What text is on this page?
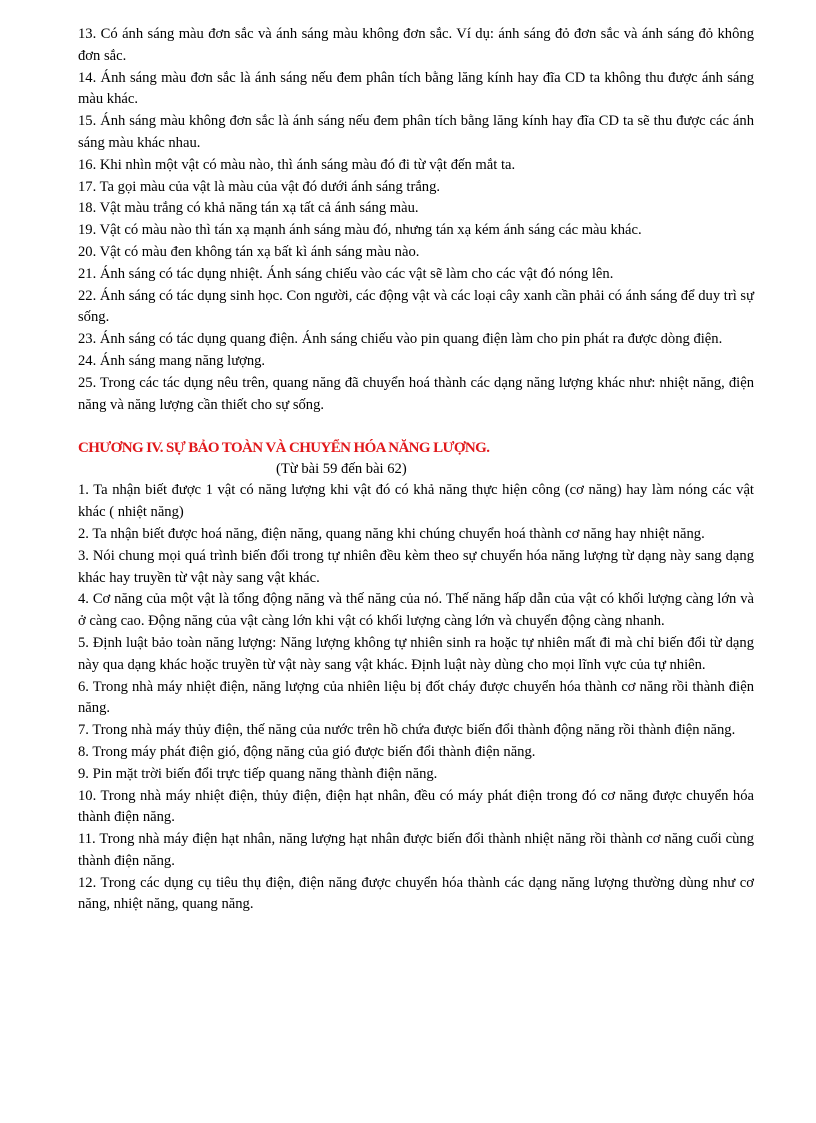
13. Có ánh sáng màu đơn sắc và ánh sáng màu không đơn sắc. Ví dụ: ánh sáng đỏ đơn sắc và ánh sáng đỏ không đơn sắc.
14. Ánh sáng màu đơn sắc là ánh sáng nếu đem phân tích bằng lăng kính hay đĩa CD ta không thu được ánh sáng màu khác.
15. Ánh sáng màu không đơn sắc là ánh sáng nếu đem phân tích bằng lăng kính hay đĩa CD ta sẽ thu được các ánh sáng màu khác nhau.
16. Khi nhìn một vật có màu nào, thì ánh sáng màu đó đi từ vật đến mắt ta.
17. Ta gọi màu của vật là màu của vật đó dưới ánh sáng trắng.
18. Vật màu trắng có khả năng tán xạ tất cả ánh sáng màu.
19. Vật có màu nào thì tán xạ mạnh ánh sáng màu đó, nhưng tán xạ kém ánh sáng các màu khác.
20. Vật có màu đen không tán xạ bất kì ánh sáng màu nào.
21. Ánh sáng có tác dụng nhiệt. Ánh sáng chiếu vào các vật sẽ làm cho các vật đó nóng lên.
22. Ánh sáng có tác dụng sinh học. Con người, các động vật và các loại cây xanh cần phải có ánh sáng để duy trì sự sống.
23. Ánh sáng có tác dụng quang điện. Ánh sáng chiếu vào pin quang điện làm cho pin phát ra được dòng điện.
24. Ánh sáng mang năng lượng.
25. Trong các tác dụng nêu trên, quang năng đã chuyển hoá thành các dạng năng lượng khác như: nhiệt năng, điện năng và năng lượng cần thiết cho sự sống.
CHƯƠNG IV. SỰ BẢO TOÀN VÀ CHUYỂN HÓA NĂNG LƯỢNG.
(Từ bài 59 đến bài 62)
1. Ta nhận biết được 1 vật có năng lượng khi vật đó có khả năng thực hiện công (cơ năng) hay làm nóng các vật khác ( nhiệt năng)
2. Ta nhận biết được hoá năng, điện năng, quang năng khi chúng chuyển hoá thành cơ năng hay nhiệt năng.
3. Nói chung mọi quá trình biến đổi trong tự nhiên đều kèm theo sự chuyển hóa năng lượng từ dạng này sang dạng khác hay truyền từ vật này sang vật khác.
4. Cơ năng của một vật là tổng động năng và thế năng của nó. Thế năng hấp dẫn của vật có khối lượng càng lớn và ở càng cao. Động năng của vật càng lớn khi vật có khối lượng càng lớn và chuyển động càng nhanh.
5. Định luật bảo toàn năng lượng: Năng lượng không tự nhiên sinh ra hoặc tự nhiên mất đi mà chỉ biến đổi từ dạng này qua dạng khác hoặc truyền từ vật này sang vật khác. Định luật này dùng cho mọi lĩnh vực của tự nhiên.
6. Trong nhà máy nhiệt điện, năng lượng của nhiên liệu bị đốt cháy được chuyển hóa thành cơ năng rồi thành điện năng.
7. Trong nhà máy thủy điện, thế năng của nước trên hồ chứa được biến đổi thành động năng rồi thành điện năng.
8. Trong máy phát điện gió, động năng của gió được biến đổi thành điện năng.
9. Pin mặt trời biến đổi trực tiếp quang năng thành điện năng.
10. Trong nhà máy nhiệt điện, thủy điện, điện hạt nhân, đều có máy phát điện trong đó cơ năng được chuyển hóa thành điện năng.
11. Trong nhà máy điện hạt nhân, năng lượng hạt nhân được biến đổi thành nhiệt năng rồi thành cơ năng cuối cùng thành điện năng.
12. Trong các dụng cụ tiêu thụ điện, điện năng được chuyển hóa thành các dạng năng lượng thường dùng như cơ năng, nhiệt năng, quang năng.
